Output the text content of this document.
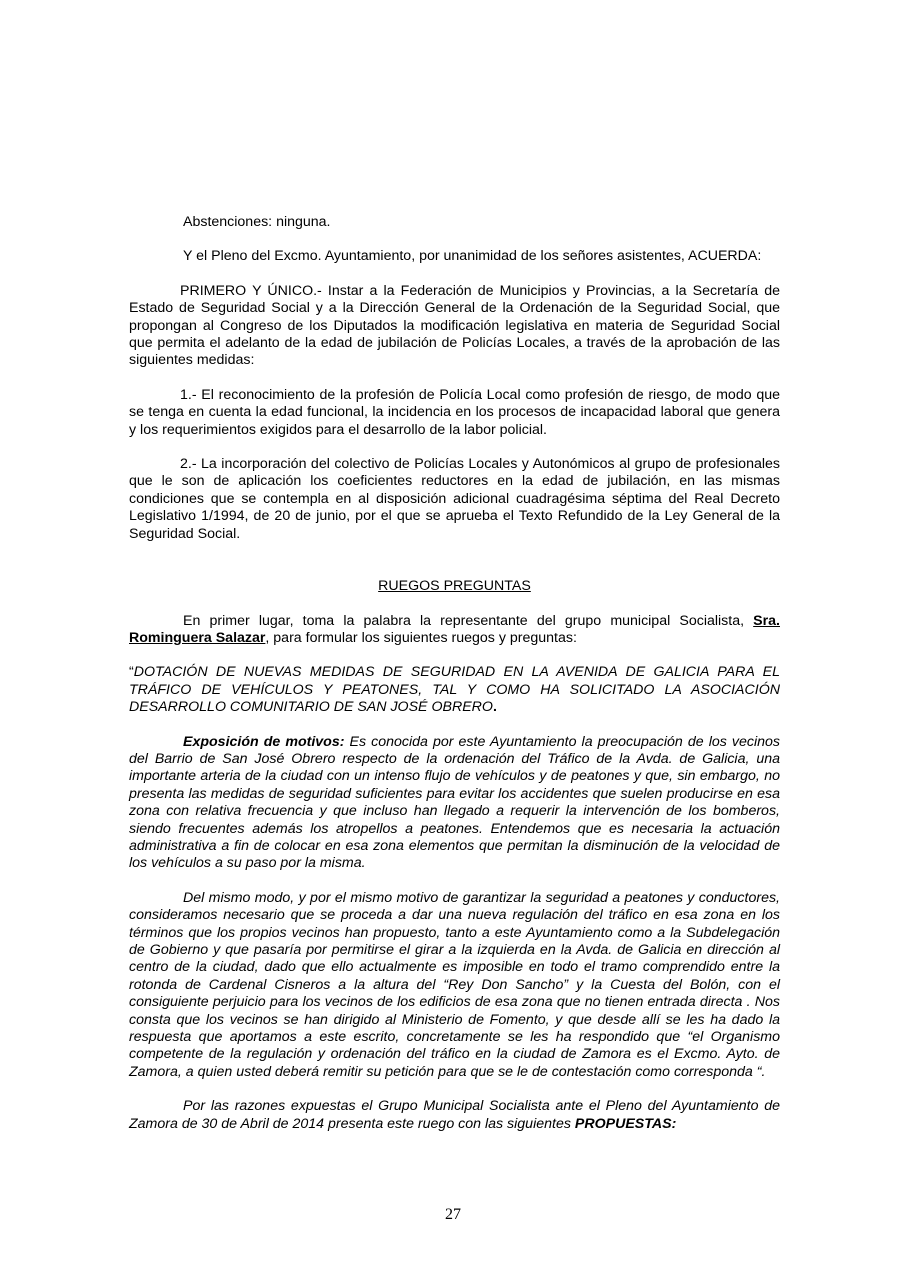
Abstenciones: ninguna.

Y el Pleno del Excmo. Ayuntamiento, por unanimidad de los señores asistentes, ACUERDA:

PRIMERO Y ÚNICO.- Instar a la Federación de Municipios y Provincias, a la Secretaría de Estado de Seguridad Social y a la Dirección General de la Ordenación de la Seguridad Social, que propongan al Congreso de los Diputados la modificación legislativa en materia de Seguridad Social que permita el adelanto de la edad de jubilación de Policías Locales, a través de la aprobación de las siguientes medidas:

1.- El reconocimiento de la profesión de Policía Local como profesión de riesgo, de modo que se tenga en cuenta la edad funcional, la incidencia en los procesos de incapacidad laboral que genera y los requerimientos exigidos para el desarrollo de la labor policial.

2.- La incorporación del colectivo de Policías Locales y Autonómicos al grupo de profesionales que le son de aplicación los coeficientes reductores en la edad de jubilación, en las mismas condiciones que se contempla en al disposición adicional cuadragésima séptima del Real Decreto Legislativo 1/1994, de 20 de junio, por el que se aprueba el Texto Refundido de la Ley General de la Seguridad Social.

RUEGOS PREGUNTAS

En primer lugar, toma la palabra la representante del grupo municipal Socialista, Sra. Rominguera Salazar, para formular los siguientes ruegos y preguntas:

“DOTACIÓN DE NUEVAS MEDIDAS DE SEGURIDAD EN LA AVENIDA DE GALICIA PARA EL TRÁFICO DE VEHÍCULOS Y PEATONES, TAL Y COMO HA SOLICITADO LA ASOCIACIÓN DESARROLLO COMUNITARIO DE SAN JOSÉ OBRERO.

Exposición de motivos: Es conocida por este Ayuntamiento la preocupación de los vecinos del Barrio de San José Obrero respecto de la ordenación del Tráfico de la Avda. de Galicia, una importante arteria de la ciudad con un intenso flujo de vehículos y de peatones y que, sin embargo, no presenta las medidas de seguridad suficientes para evitar los accidentes que suelen producirse en esa zona con relativa frecuencia y que incluso han llegado a requerir la intervención de los bomberos, siendo frecuentes además los atropellos a peatones. Entendemos que es necesaria la actuación administrativa a fin de colocar en esa zona elementos que permitan la disminución de la velocidad de los vehículos a su paso por la misma.

Del mismo modo, y por el mismo motivo de garantizar la seguridad a peatones y conductores, consideramos necesario que se proceda a dar una nueva regulación del tráfico en esa zona en los términos que los propios vecinos han propuesto, tanto a este Ayuntamiento como a la Subdelegación de Gobierno y que pasaría por permitirse el girar a la izquierda en la Avda. de Galicia en dirección al centro de la ciudad, dado que ello actualmente es imposible en todo el tramo comprendido entre la rotonda de Cardenal Cisneros a la altura del “Rey Don Sancho” y la Cuesta del Bolón, con el consiguiente perjuicio para los vecinos de los edificios de esa zona que no tienen entrada directa . Nos consta que los vecinos se han dirigido al Ministerio de Fomento, y que desde allí se les ha dado la respuesta que aportamos a este escrito, concretamente se les ha respondido que “el Organismo competente de la regulación y ordenación del tráfico en la ciudad de Zamora es el Excmo. Ayto. de Zamora, a quien usted deberá remitir su petición para que se le de contestación como corresponda “.

Por las razones expuestas el Grupo Municipal Socialista ante el Pleno del Ayuntamiento de Zamora de 30 de Abril de 2014 presenta este ruego con las siguientes PROPUESTAS:

27
